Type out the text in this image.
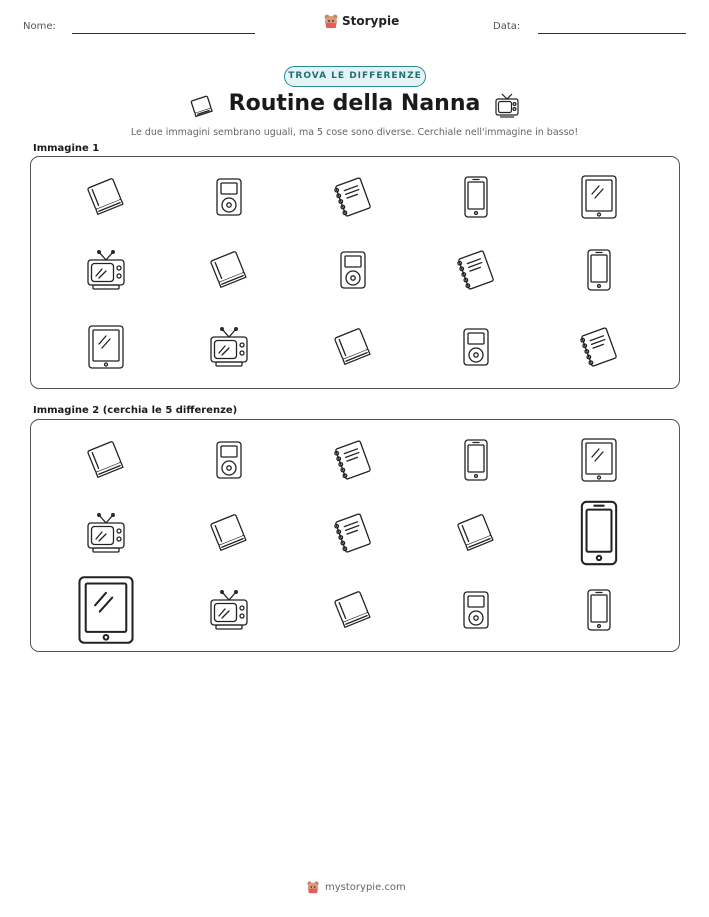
Nome:	Storypie	Data:
TROVA LE DIFFERENZE
Routine della Nanna
Le due immagini sembrano uguali, ma 5 cose sono diverse. Cerchiale nell'immagine in basso!
Immagine 1
Immagine 2 (cerchia le 5 differenze)
mystorypie.com
